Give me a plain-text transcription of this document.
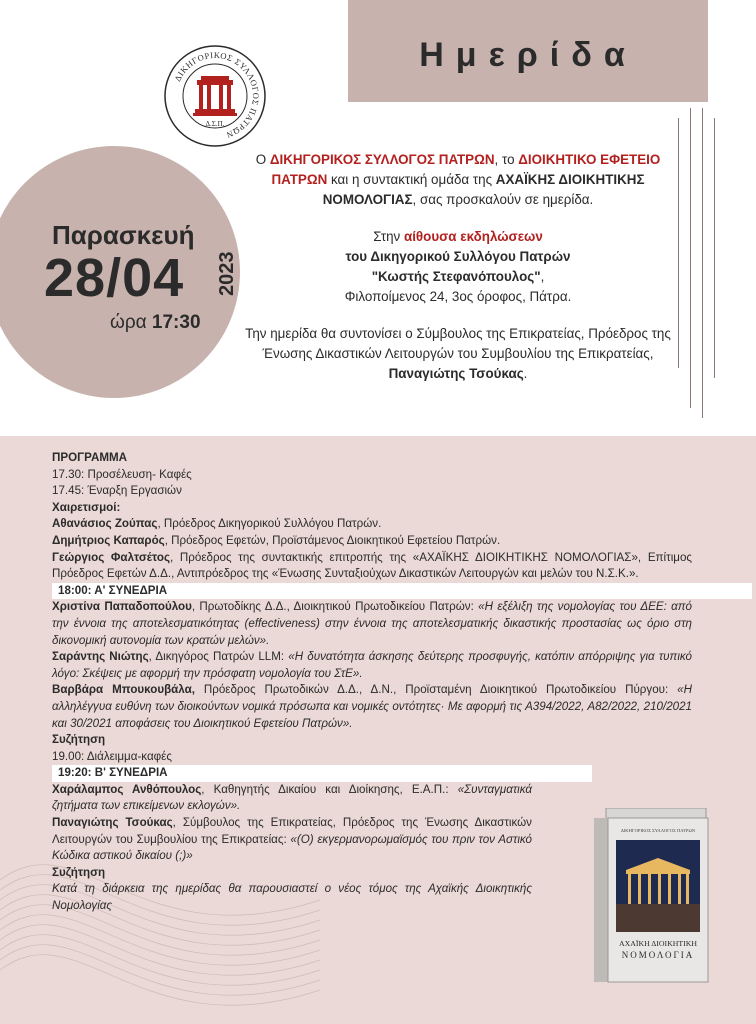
Ημερίδα
ΔΙΚΗΓΟΡΙΚΟΣ ΣΥΛΛΟΓΟΣ ΠΑΤΡΩΝ
Δ.Σ.Π.
Παρασκευή
28/04 2023
ώρα 17:30

Ο ΔΙΚΗΓΟΡΙΚΟΣ ΣΥΛΛΟΓΟΣ ΠΑΤΡΩΝ, το ΔΙΟΙΚΗΤΙΚΟ ΕΦΕΤΕΙΟ ΠΑΤΡΩΝ και η συντακτική ομάδα της ΑΧΑΪΚΗΣ ΔΙΟΙΚΗΤΙΚΗΣ ΝΟΜΟΛΟΓΙΑΣ, σας προσκαλούν σε ημερίδα.

Στην αίθουσα εκδηλώσεων
του Δικηγορικού Συλλόγου Πατρών
"Κωστής Στεφανόπουλος",
Φιλοποίμενος 24, 3ος όροφος, Πάτρα.

Την ημερίδα θα συντονίσει ο Σύμβουλος της Επικρατείας, Πρόεδρος της Ένωσης Δικαστικών Λειτουργών του Συμβουλίου της Επικρατείας,
Παναγιώτης Τσούκας.

ΠΡΟΓΡΑΜΜΑ
17.30: Προσέλευση- Καφές
17.45: Έναρξη Εργασιών
Χαιρετισμοί:
Αθανάσιος Ζούπας, Πρόεδρος Δικηγορικού Συλλόγου Πατρών.
Δημήτριος Καπαρός, Πρόεδρος Εφετών, Προϊστάμενος Διοικητικού Εφετείου Πατρών.
Γεώργιος Φαλτσέτος, Πρόεδρος της συντακτικής επιτροπής της «ΑΧΑΪΚΗΣ ΔΙΟΙΚΗΤΙΚΗΣ ΝΟΜΟΛΟΓΙΑΣ», Επίτιμος Πρόεδρος Εφετών Δ.Δ., Αντιπρόεδρος της «Ένωσης Συνταξιούχων Δικαστικών Λειτουργών και μελών του Ν.Σ.Κ.».
18:00: Α' ΣΥΝΕΔΡΙΑ
Χριστίνα Παπαδοπούλου, Πρωτοδίκης Δ.Δ., Διοικητικού Πρωτοδικείου Πατρών: «Η εξέλιξη της νομολογίας του ΔΕΕ: από την έννοια της αποτελεσματικότητας (effectiveness) στην έννοια της αποτελεσματικής δικαστικής προστασίας ως όριο στη δικονομική αυτονομία των κρατών μελών».
Σαράντης Νιώτης, Δικηγόρος Πατρών LLM: «Η δυνατότητα άσκησης δεύτερης προσφυγής, κατόπιν απόρριψης για τυπικό λόγο: Σκέψεις με αφορμή την πρόσφατη νομολογία του ΣτΕ».
Βαρβάρα Μπουκουβάλα, Πρόεδρος Πρωτοδικών Δ.Δ., Δ.Ν., Προϊσταμένη Διοικητικού Πρωτοδικείου Πύργου: «Η αλληλέγγυα ευθύνη των διοικούντων νομικά πρόσωπα και νομικές οντότητες· Με αφορμή τις Α394/2022, Α82/2022, 210/2021 και 30/2021 αποφάσεις του Διοικητικού Εφετείου Πατρών».
Συζήτηση
19.00: Διάλειμμα-καφές
19:20: Β' ΣΥΝΕΔΡΙΑ
Χαράλαμπος Ανθόπουλος, Καθηγητής Δικαίου και Διοίκησης, Ε.Α.Π.: «Συνταγματικά ζητήματα των επικείμενων εκλογών».
Παναγιώτης Τσούκας, Σύμβουλος της Επικρατείας, Πρόεδρος της Ένωσης Δικαστικών Λειτουργών του Συμβουλίου της Επικρατείας: «(Ο) εκγερμανορωμαϊσμός του πριν τον Αστικό Κώδικα αστικού δικαίου (;)»
Συζήτηση
Κατά τη διάρκεια της ημερίδας θα παρουσιαστεί ο νέος τόμος της Αχαϊκής Διοικητικής Νομολογίας
ΔΙΚΗΓΟΡΙΚΟΣ ΣΥΛΛΟΓΟΣ ΠΑΤΡΩΝ
ΑΧΑΪΚΗ ΔΙΟΙΚΗΤΙΚΗ
ΝΟΜΟΛΟΓΙΑ
